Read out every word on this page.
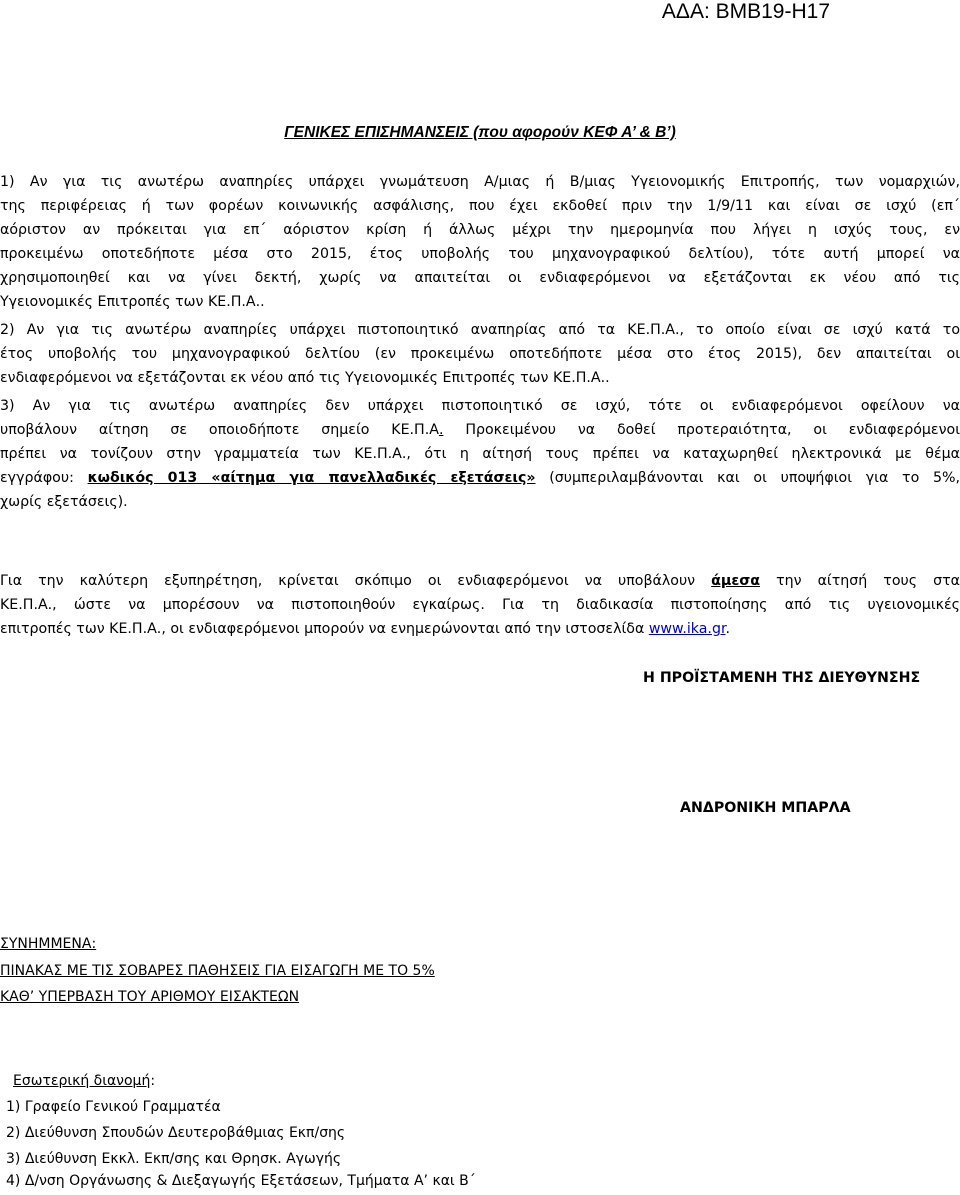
ΑΔΑ: ΒΜΒ19-Η17
ΓΕΝΙΚΕΣ ΕΠΙΣΗΜΑΝΣΕΙΣ (που αφορούν ΚΕΦ Α’ & Β’)
1) Αν για τις ανωτέρω αναπηρίες υπάρχει γνωμάτευση Α/μιας ή Β/μιας Υγειονομικής Επιτροπής, των νομαρχιών,
της περιφέρειας ή των φορέων κοινωνικής ασφάλισης, που έχει εκδοθεί πριν την 1/9/11 και είναι σε ισχύ (επ΄
αόριστον αν πρόκειται για επ΄ αόριστον κρίση ή άλλως μέχρι την ημερομηνία που λήγει η ισχύς τους, εν
προκειμένω οποτεδήποτε μέσα στο 2015, έτος υποβολής του μηχανογραφικού δελτίου), τότε αυτή μπορεί να
χρησιμοποιηθεί και να γίνει δεκτή, χωρίς να απαιτείται οι ενδιαφερόμενοι να εξετάζονται εκ νέου από τις
Υγειονομικές Επιτροπές των ΚΕ.Π.Α..
2) Αν για τις ανωτέρω αναπηρίες υπάρχει πιστοποιητικό αναπηρίας από τα ΚΕ.Π.Α., το οποίο είναι σε ισχύ κατά το
έτος υποβολής του μηχανογραφικού δελτίου (εν προκειμένω οποτεδήποτε μέσα στο έτος 2015), δεν απαιτείται οι
ενδιαφερόμενοι να εξετάζονται εκ νέου από τις Υγειονομικές Επιτροπές των ΚΕ.Π.Α..
3) Αν για τις ανωτέρω αναπηρίες δεν υπάρχει πιστοποιητικό σε ισχύ, τότε οι ενδιαφερόμενοι οφείλουν να
υποβάλουν αίτηση σε οποιοδήποτε σημείο ΚΕ.Π.Α. Προκειμένου να δοθεί προτεραιότητα, οι ενδιαφερόμενοι
πρέπει να τονίζουν στην γραμματεία των ΚΕ.Π.Α., ότι η αίτησή τους πρέπει να καταχωρηθεί ηλεκτρονικά με θέμα
εγγράφου: κωδικός 013 «αίτημα για πανελλαδικές εξετάσεις» (συμπεριλαμβάνονται και οι υποψήφιοι για το 5%,
χωρίς εξετάσεις).
Για την καλύτερη εξυπηρέτηση, κρίνεται σκόπιμο οι ενδιαφερόμενοι να υποβάλουν άμεσα την αίτησή τους στα
ΚΕ.Π.Α., ώστε να μπορέσουν να πιστοποιηθούν εγκαίρως. Για τη διαδικασία πιστοποίησης από τις υγειονομικές
επιτροπές των ΚΕ.Π.Α., οι ενδιαφερόμενοι μπορούν να ενημερώνονται από την ιστοσελίδα www.ika.gr.
Η ΠΡΟΪΣΤΑΜΕΝΗ ΤΗΣ ΔΙΕΥΘΥΝΣΗΣ
ΑΝΔΡΟΝΙΚΗ ΜΠΑΡΛΑ
ΣΥΝΗΜΜΕΝΑ:
ΠΙΝΑΚΑΣ ΜΕ ΤΙΣ ΣΟΒΑΡΕΣ ΠΑΘΗΣΕΙΣ ΓΙΑ ΕΙΣΑΓΩΓΗ ΜΕ ΤΟ 5%
ΚΑΘ’ ΥΠΕΡΒΑΣΗ ΤΟΥ ΑΡΙΘΜΟΥ ΕΙΣΑΚΤΕΩΝ
Εσωτερική διανομή:
1) Γραφείο Γενικού Γραμματέα
2) Διεύθυνση Σπουδών Δευτεροβάθμιας Εκπ/σης
3) Διεύθυνση Εκκλ. Εκπ/σης και Θρησκ. Αγωγής
4) Δ/νση Οργάνωσης & Διεξαγωγής Εξετάσεων, Τμήματα Α’ και Β΄
